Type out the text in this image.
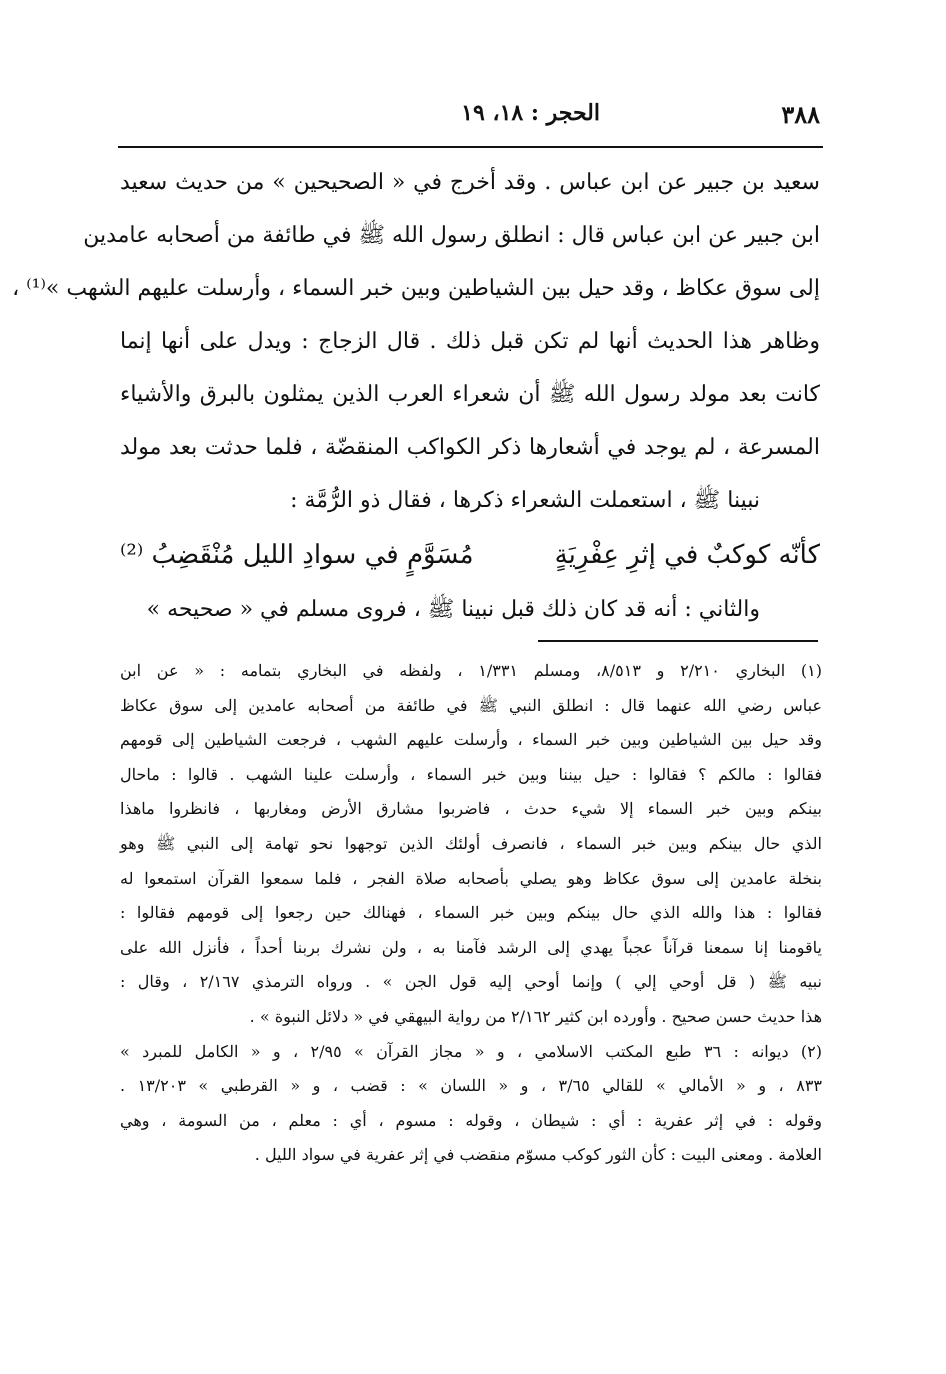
٣٨٨
الحجر : ١٨، ١٩
سعيد بن جبير عن ابن عباس . وقد أخرج في « الصحيحين » من حديث سعيد
ابن جبير عن ابن عباس قال : انطلق رسول الله ﷺ في طائفة من أصحابه عامدين
إلى سوق عكاظ ، وقد حيل بين الشياطين وبين خبر السماء ، وأرسلت عليهم الشهب »⁽¹⁾ ،
وظاهر هذا الحديث أنها لم تكن قبل ذلك . قال الزجاج : ويدل على أنها إنما
كانت بعد مولد رسول الله ﷺ أن شعراء العرب الذين يمثلون بالبرق والأشياء
المسرعة ، لم يوجد في أشعارها ذكر الكواكب المنقضّة ، فلما حدثت بعد مولد
نبينا ﷺ ، استعملت الشعراء ذكرها ، فقال ذو الرُّمَّة :
كأنّه كوكبٌ في إثرِ عِفْرِيَةٍ
مُسَوَّمٍ في سوادِ الليل مُنْقَضِبُ ⁽²⁾
والثاني : أنه قد كان ذلك قبل نبينا ﷺ ، فروى مسلم في « صحيحه »
(١) البخاري ٢/٢١٠ و ٨/٥١٣، ومسلم ١/٣٣١ ، ولفظه في البخاري بتمامه : « عن ابن
عباس رضي الله عنهما قال : انطلق النبي ﷺ في طائفة من أصحابه عامدين إلى سوق عكاظ
وقد حيل بين الشياطين وبين خبر السماء ، وأرسلت عليهم الشهب ، فرجعت الشياطين إلى قومهم
فقالوا : مالكم ؟ فقالوا : حيل بيننا وبين خبر السماء ، وأرسلت علينا الشهب . قالوا : ماحال
بينكم وبين خبر السماء إلا شيء حدث ، فاضربوا مشارق الأرض ومغاربها ، فانظروا ماهذا
الذي حال بينكم وبين خبر السماء ، فانصرف أولئك الذين توجهوا نحو تهامة إلى النبي ﷺ وهو
بنخلة عامدين إلى سوق عكاظ وهو يصلي بأصحابه صلاة الفجر ، فلما سمعوا القرآن استمعوا له
فقالوا : هذا والله الذي حال بينكم وبين خبر السماء ، فهنالك حين رجعوا إلى قومهم فقالوا :
ياقومنا إنا سمعنا قرآناً عجباً يهدي إلى الرشد فآمنا به ، ولن نشرك بربنا أحداً ، فأنزل الله على
نبيه ﷺ ( قل أوحي إلي ) وإنما أوحي إليه قول الجن » . ورواه الترمذي ٢/١٦٧ ، وقال :
هذا حديث حسن صحيح . وأورده ابن كثير ٢/١٦٢ من رواية البيهقي في « دلائل النبوة » .
(٢) ديوانه : ٣٦ طبع المكتب الاسلامي ، و « مجاز القرآن » ٢/٩٥ ، و « الكامل للمبرد »
٨٣٣ ، و « الأمالي » للقالي ٣/٦٥ ، و « اللسان » : قضب ، و « القرطبي » ١٣/٢٠٣ .
وقوله : في إثر عفرية : أي : شيطان ، وقوله : مسوم ، أي : معلم ، من السومة ، وهي
العلامة . ومعنى البيت : كأن الثور كوكب مسوّم منقضب في إثر عفرية في سواد الليل .
